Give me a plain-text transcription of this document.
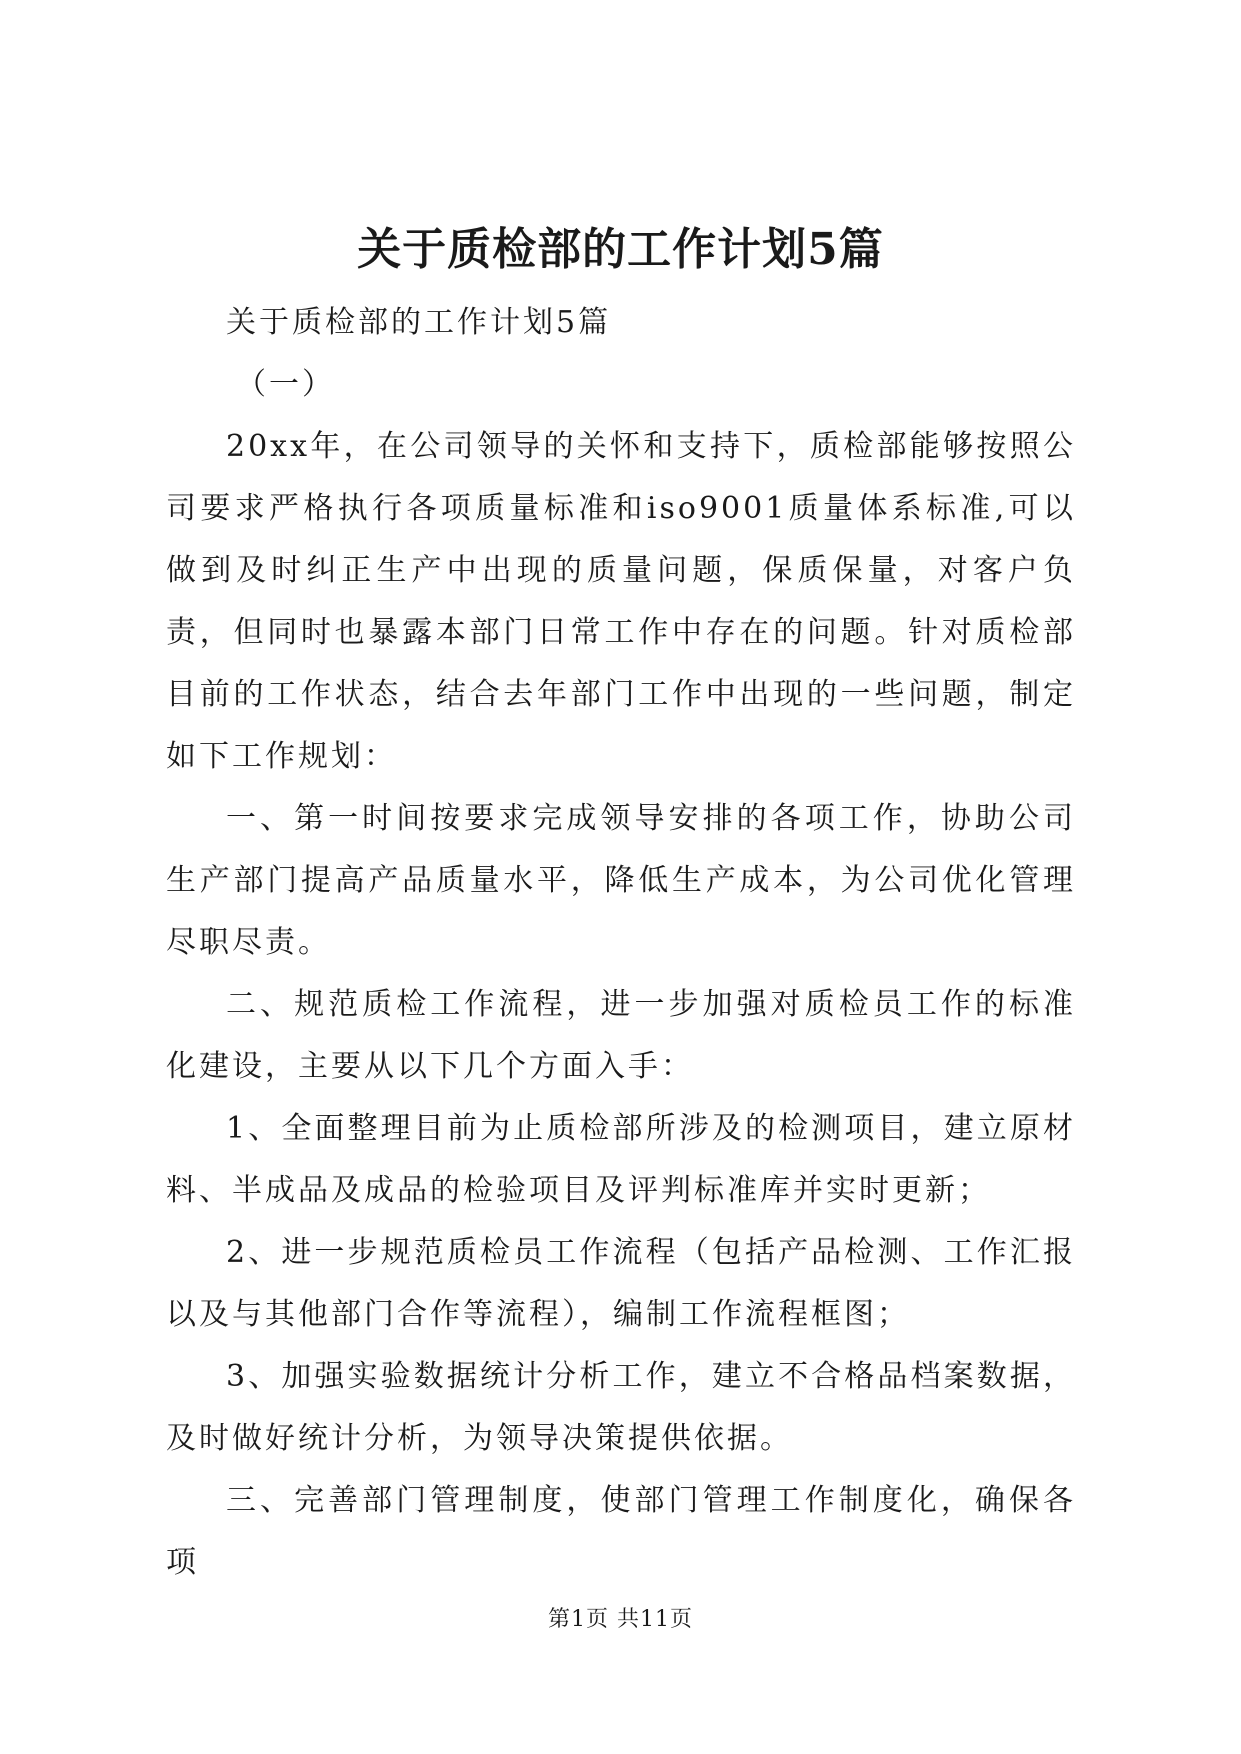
关于质检部的工作计划5篇

关于质检部的工作计划5篇

（一）

20xx年，在公司领导的关怀和支持下，质检部能够按照公司要求严格执行各项质量标准和iso9001质量体系标准,可以做到及时纠正生产中出现的质量问题，保质保量，对客户负责，但同时也暴露本部门日常工作中存在的问题。针对质检部目前的工作状态，结合去年部门工作中出现的一些问题，制定如下工作规划：

一、第一时间按要求完成领导安排的各项工作，协助公司生产部门提高产品质量水平，降低生产成本，为公司优化管理尽职尽责。

二、规范质检工作流程，进一步加强对质检员工作的标准化建设，主要从以下几个方面入手：

1、全面整理目前为止质检部所涉及的检测项目，建立原材料、半成品及成品的检验项目及评判标准库并实时更新；

2、进一步规范质检员工作流程（包括产品检测、工作汇报以及与其他部门合作等流程），编制工作流程框图；

3、加强实验数据统计分析工作，建立不合格品档案数据，及时做好统计分析，为领导决策提供依据。

三、完善部门管理制度，使部门管理工作制度化，确保各项

第1页 共11页
